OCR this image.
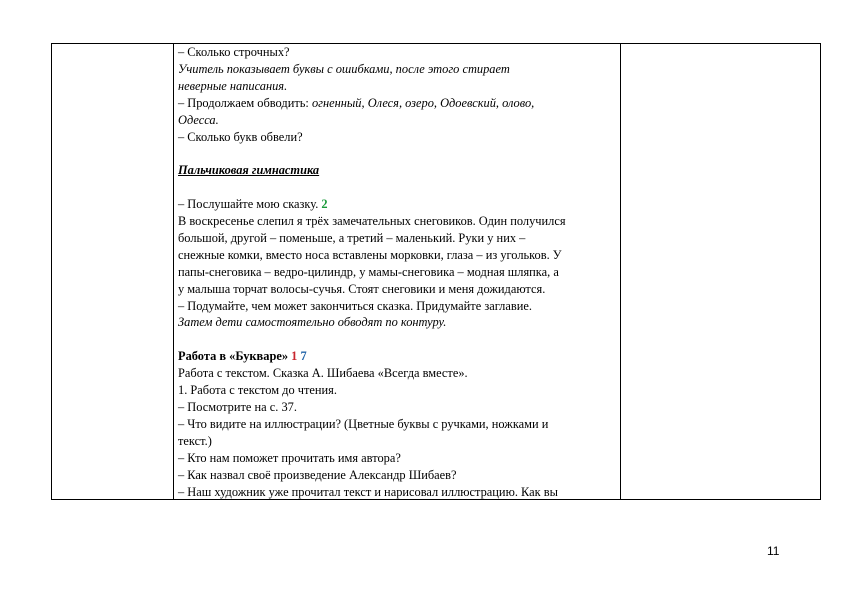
– Сколько строчных?

Учитель показывает буквы с ошибками, после этого стирает

неверные написания.

– Продолжаем обводить: огненный, Олеся, озеро, Одоевский, олово,

Одесса.

– Сколько букв обвели?

Пальчиковая гимнастика

– Послушайте мою сказку. 2

В воскресенье слепил я трёх замечательных снеговиков. Один получился

большой, другой – поменьше, а третий – маленький. Руки у них –

снежные комки, вместо носа вставлены морковки, глаза – из угольков. У

папы-снеговика – ведро-цилиндр, у мамы-снеговика – модная шляпка, а

у малыша торчат волосы-сучья. Стоят снеговики и меня дожидаются.

– Подумайте, чем может закончиться сказка. Придумайте заглавие.

Затем дети самостоятельно обводят по контуру.

Работа в «Букваре» 1 7

Работа с текстом. Сказка А. Шибаева «Всегда вместе».

1. Работа с текстом до чтения.

– Посмотрите на с. 37.

– Что видите на иллюстрации? (Цветные буквы с ручками, ножками и

текст.)

– Кто нам поможет прочитать имя автора?

– Как назвал своё произведение Александр Шибаев?

– Наш художник уже прочитал текст и нарисовал иллюстрацию. Как вы

11
